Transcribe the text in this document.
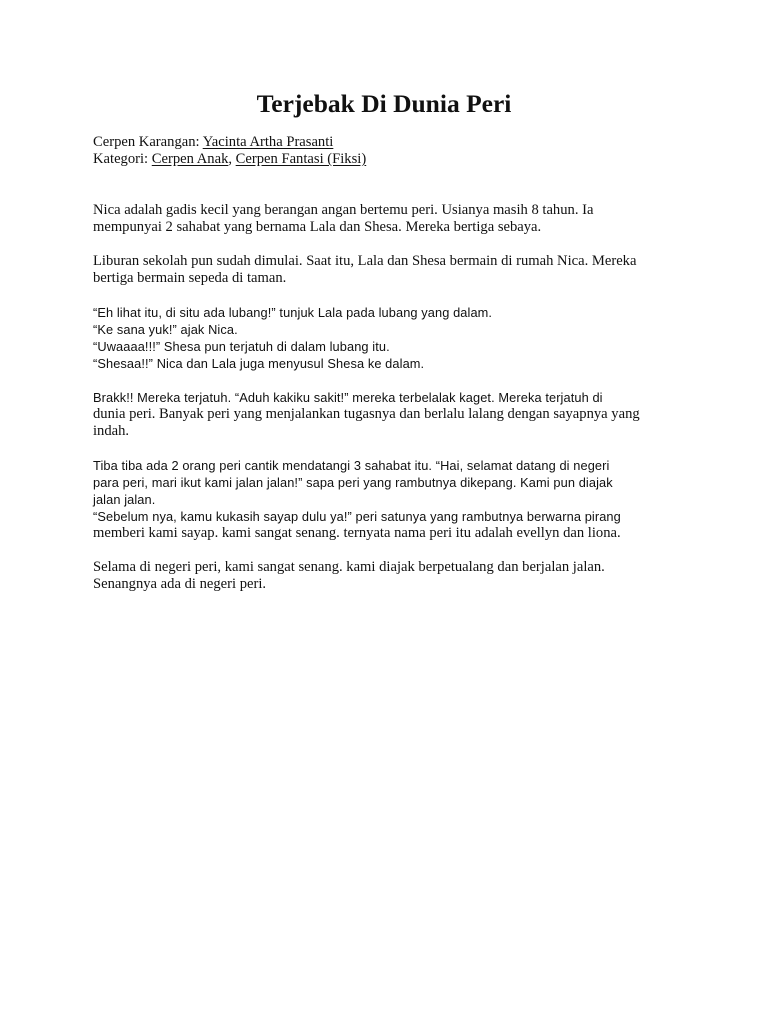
Terjebak Di Dunia Peri
Cerpen Karangan: Yacinta Artha Prasanti
Kategori: Cerpen Anak, Cerpen Fantasi (Fiksi)
Nica adalah gadis kecil yang berangan angan bertemu peri. Usianya masih 8 tahun. Ia
mempunyai 2 sahabat yang bernama Lala dan Shesa. Mereka bertiga sebaya.
Liburan sekolah pun sudah dimulai. Saat itu, Lala dan Shesa bermain di rumah Nica. Mereka
bertiga bermain sepeda di taman.
“Eh lihat itu, di situ ada lubang!” tunjuk Lala pada lubang yang dalam.
“Ke sana yuk!” ajak Nica.
“Uwaaaa!!!” Shesa pun terjatuh di dalam lubang itu.
“Shesaa!!” Nica dan Lala juga menyusul Shesa ke dalam.
Brakk!! Mereka terjatuh. “Aduh kakiku sakit!” mereka terbelalak kaget. Mereka terjatuh di
dunia peri. Banyak peri yang menjalankan tugasnya dan berlalu lalang dengan sayapnya yang
indah.
Tiba tiba ada 2 orang peri cantik mendatangi 3 sahabat itu. “Hai, selamat datang di negeri
para peri, mari ikut kami jalan jalan!” sapa peri yang rambutnya dikepang. Kami pun diajak
jalan jalan.
“Sebelum nya, kamu kukasih sayap dulu ya!” peri satunya yang rambutnya berwarna pirang
memberi kami sayap. kami sangat senang. ternyata nama peri itu adalah evellyn dan liona.
Selama di negeri peri, kami sangat senang. kami diajak berpetualang dan berjalan jalan.
Senangnya ada di negeri peri.
